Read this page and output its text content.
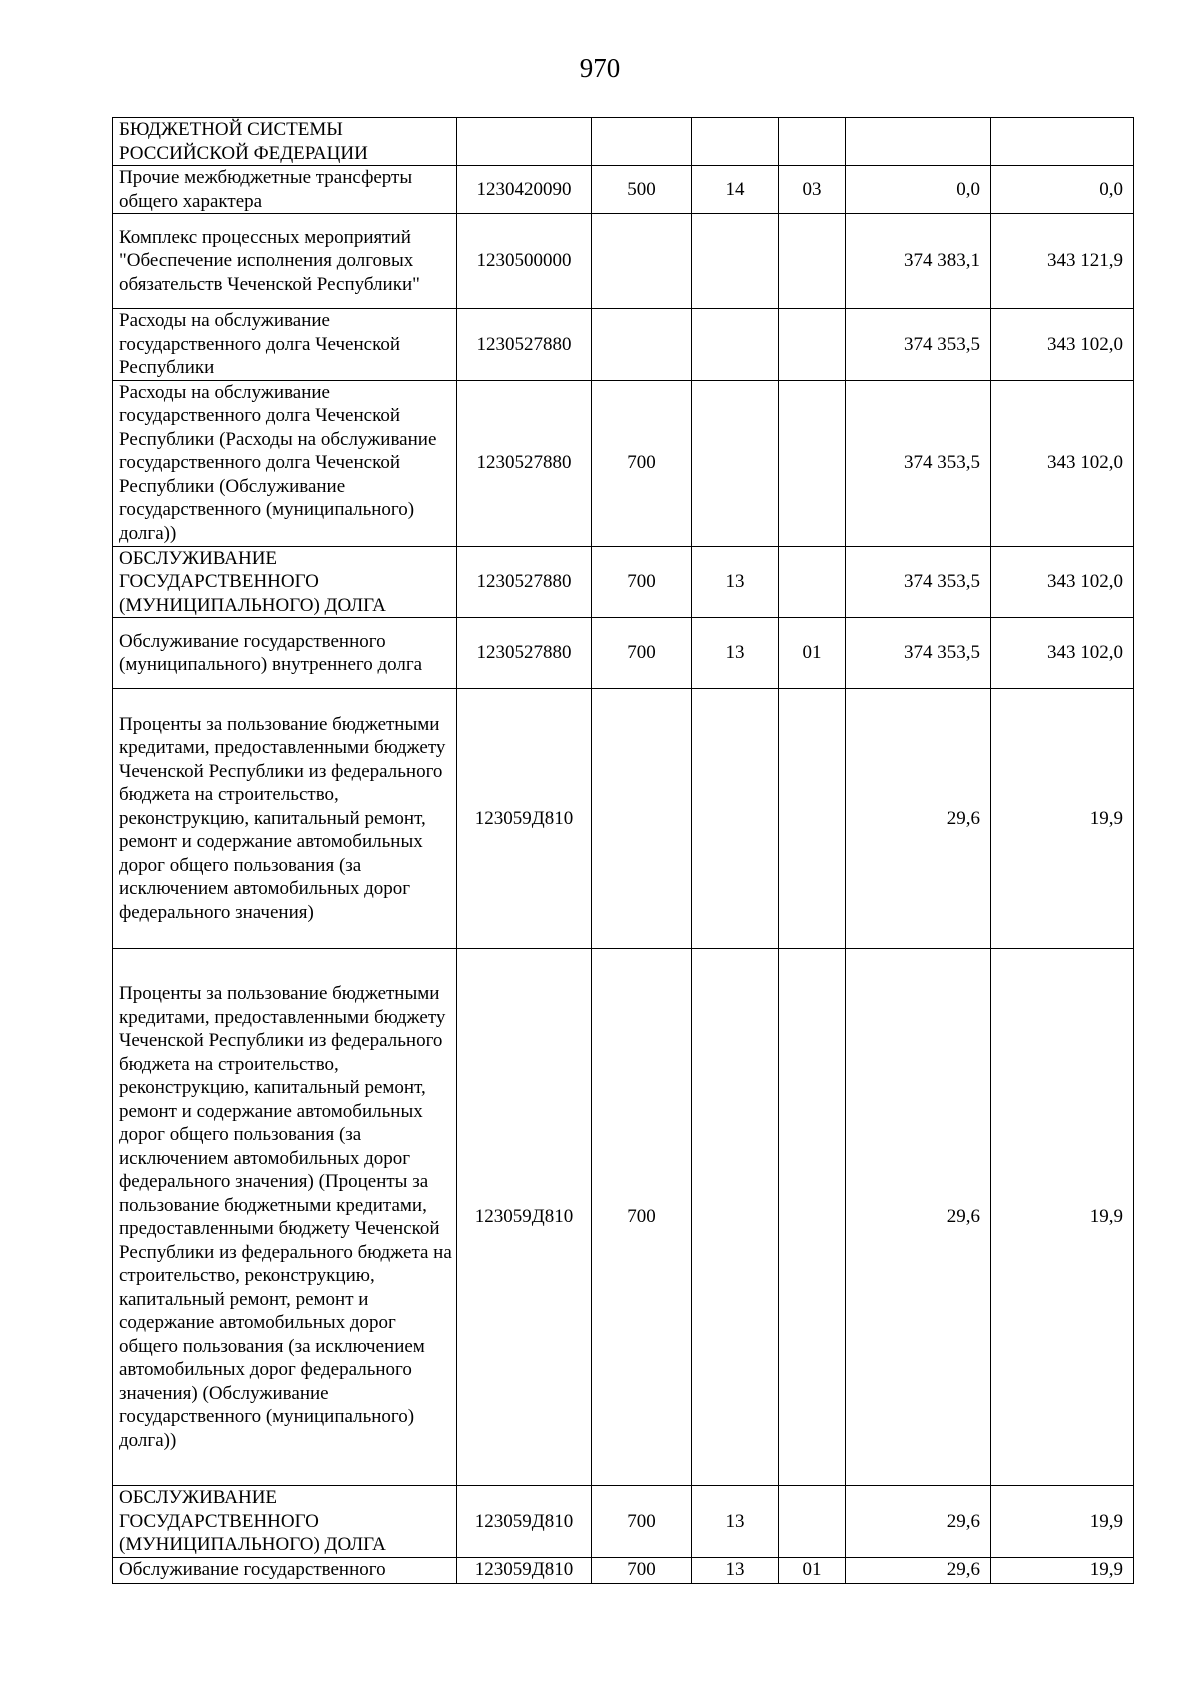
970
БЮДЖЕТНОЙ СИСТЕМЫ РОССИЙСКОЙ ФЕДЕРАЦИИ						
Прочие межбюджетные трансферты общего характера	1230420090	500	14	03	0,0	0,0
Комплекс процессных мероприятий "Обеспечение исполнения долговых обязательств Чеченской Республики"	1230500000				374 383,1	343 121,9
Расходы на обслуживание государственного долга Чеченской Республики	1230527880				374 353,5	343 102,0
Расходы на обслуживание государственного долга Чеченской Республики (Расходы на обслуживание государственного долга Чеченской Республики (Обслуживание государственного (муниципального) долга))	1230527880	700			374 353,5	343 102,0
ОБСЛУЖИВАНИЕ ГОСУДАРСТВЕННОГО (МУНИЦИПАЛЬНОГО) ДОЛГА	1230527880	700	13		374 353,5	343 102,0
Обслуживание государственного (муниципального) внутреннего долга	1230527880	700	13	01	374 353,5	343 102,0
Проценты за пользование бюджетными кредитами, предоставленными бюджету Чеченской Республики из федерального бюджета на строительство, реконструкцию, капитальный ремонт, ремонт и содержание автомобильных дорог общего пользования (за исключением автомобильных дорог федерального значения)	123059Д810				29,6	19,9
Проценты за пользование бюджетными кредитами, предоставленными бюджету Чеченской Республики из федерального бюджета на строительство, реконструкцию, капитальный ремонт, ремонт и содержание автомобильных дорог общего пользования (за исключением автомобильных дорог федерального значения) (Проценты за пользование бюджетными кредитами, предоставленными бюджету Чеченской Республики из федерального бюджета на строительство, реконструкцию, капитальный ремонт, ремонт и содержание автомобильных дорог общего пользования (за исключением автомобильных дорог федерального значения) (Обслуживание государственного (муниципального) долга))	123059Д810	700			29,6	19,9
ОБСЛУЖИВАНИЕ ГОСУДАРСТВЕННОГО (МУНИЦИПАЛЬНОГО) ДОЛГА	123059Д810	700	13		29,6	19,9
Обслуживание государственного	123059Д810	700	13	01	29,6	19,9
